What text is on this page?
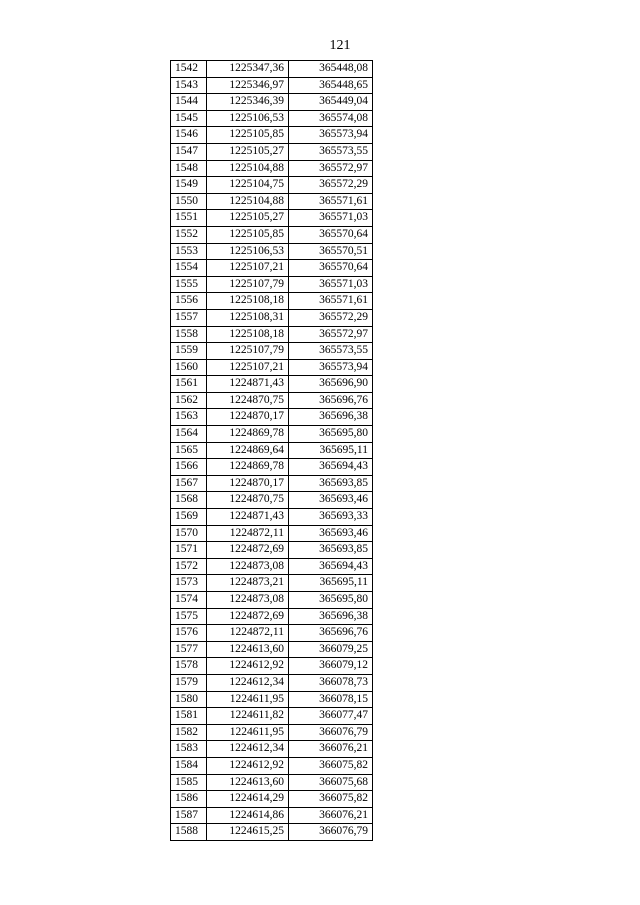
121
1542	1225347,36	365448,08
1543	1225346,97	365448,65
1544	1225346,39	365449,04
1545	1225106,53	365574,08
1546	1225105,85	365573,94
1547	1225105,27	365573,55
1548	1225104,88	365572,97
1549	1225104,75	365572,29
1550	1225104,88	365571,61
1551	1225105,27	365571,03
1552	1225105,85	365570,64
1553	1225106,53	365570,51
1554	1225107,21	365570,64
1555	1225107,79	365571,03
1556	1225108,18	365571,61
1557	1225108,31	365572,29
1558	1225108,18	365572,97
1559	1225107,79	365573,55
1560	1225107,21	365573,94
1561	1224871,43	365696,90
1562	1224870,75	365696,76
1563	1224870,17	365696,38
1564	1224869,78	365695,80
1565	1224869,64	365695,11
1566	1224869,78	365694,43
1567	1224870,17	365693,85
1568	1224870,75	365693,46
1569	1224871,43	365693,33
1570	1224872,11	365693,46
1571	1224872,69	365693,85
1572	1224873,08	365694,43
1573	1224873,21	365695,11
1574	1224873,08	365695,80
1575	1224872,69	365696,38
1576	1224872,11	365696,76
1577	1224613,60	366079,25
1578	1224612,92	366079,12
1579	1224612,34	366078,73
1580	1224611,95	366078,15
1581	1224611,82	366077,47
1582	1224611,95	366076,79
1583	1224612,34	366076,21
1584	1224612,92	366075,82
1585	1224613,60	366075,68
1586	1224614,29	366075,82
1587	1224614,86	366076,21
1588	1224615,25	366076,79
